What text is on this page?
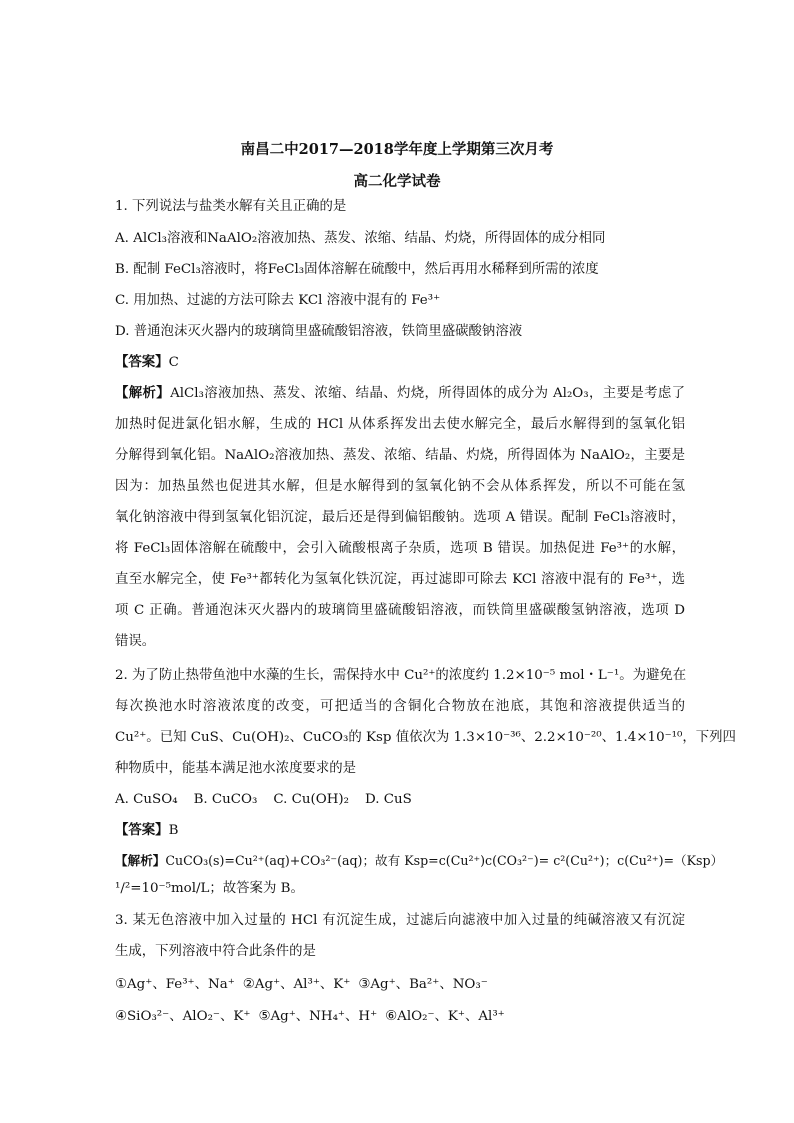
南昌二中2017—2018学年度上学期第三次月考
高二化学试卷
1. 下列说法与盐类水解有关且正确的是
A. AlCl₃溶液和NaAlO₂溶液加热、蒸发、浓缩、结晶、灼烧，所得固体的成分相同
B. 配制 FeCl₃溶液时，将FeCl₃固体溶解在硫酸中，然后再用水稀释到所需的浓度
C. 用加热、过滤的方法可除去 KCl 溶液中混有的 Fe³⁺
D. 普通泡沫灭火器内的玻璃筒里盛硫酸铝溶液，铁筒里盛碳酸钠溶液
【答案】C
【解析】AlCl₃溶液加热、蒸发、浓缩、结晶、灼烧，所得固体的成分为 Al₂O₃，主要是考虑了
加热时促进氯化铝水解，生成的 HCl 从体系挥发出去使水解完全，最后水解得到的氢氧化铝
分解得到氧化铝。NaAlO₂溶液加热、蒸发、浓缩、结晶、灼烧，所得固体为 NaAlO₂，主要是
因为：加热虽然也促进其水解，但是水解得到的氢氧化钠不会从体系挥发，所以不可能在氢
氧化钠溶液中得到氢氧化铝沉淀，最后还是得到偏铝酸钠。选项 A 错误。配制 FeCl₃溶液时，
将 FeCl₃固体溶解在硫酸中，会引入硫酸根离子杂质，选项 B 错误。加热促进 Fe³⁺的水解，
直至水解完全，使 Fe³⁺都转化为氢氧化铁沉淀，再过滤即可除去 KCl 溶液中混有的 Fe³⁺，选
项 C 正确。普通泡沫灭火器内的玻璃筒里盛硫酸铝溶液，而铁筒里盛碳酸氢钠溶液，选项 D
错误。
2. 为了防止热带鱼池中水藻的生长，需保持水中 Cu²⁺的浓度约 1.2×10⁻⁵ mol・L⁻¹。为避免在
每次换池水时溶液浓度的改变，可把适当的含铜化合物放在池底，其饱和溶液提供适当的
Cu²⁺。已知 CuS、Cu(OH)₂、CuCO₃的 Ksp 值依次为 1.3×10⁻³⁶、2.2×10⁻²⁰、1.4×10⁻¹⁰，下列四
种物质中，能基本满足池水浓度要求的是
A. CuSO₄ B. CuCO₃ C. Cu(OH)₂ D. CuS
【答案】B
【解析】CuCO₃(s)=Cu²⁺(aq)+CO₃²⁻(aq)；故有 Ksp=c(Cu²⁺)c(CO₃²⁻)= c²(Cu²⁺)；c(Cu²⁺)=（Ksp）
¹/²=10⁻⁵mol/L；故答案为 B。
3. 某无色溶液中加入过量的 HCl 有沉淀生成，过滤后向滤液中加入过量的纯碱溶液又有沉淀
生成，下列溶液中符合此条件的是
①Ag⁺、Fe³⁺、Na⁺ ②Ag⁺、Al³⁺、K⁺ ③Ag⁺、Ba²⁺、NO₃⁻
④SiO₃²⁻、AlO₂⁻、K⁺ ⑤Ag⁺、NH₄⁺、H⁺ ⑥AlO₂⁻、K⁺、Al³⁺
